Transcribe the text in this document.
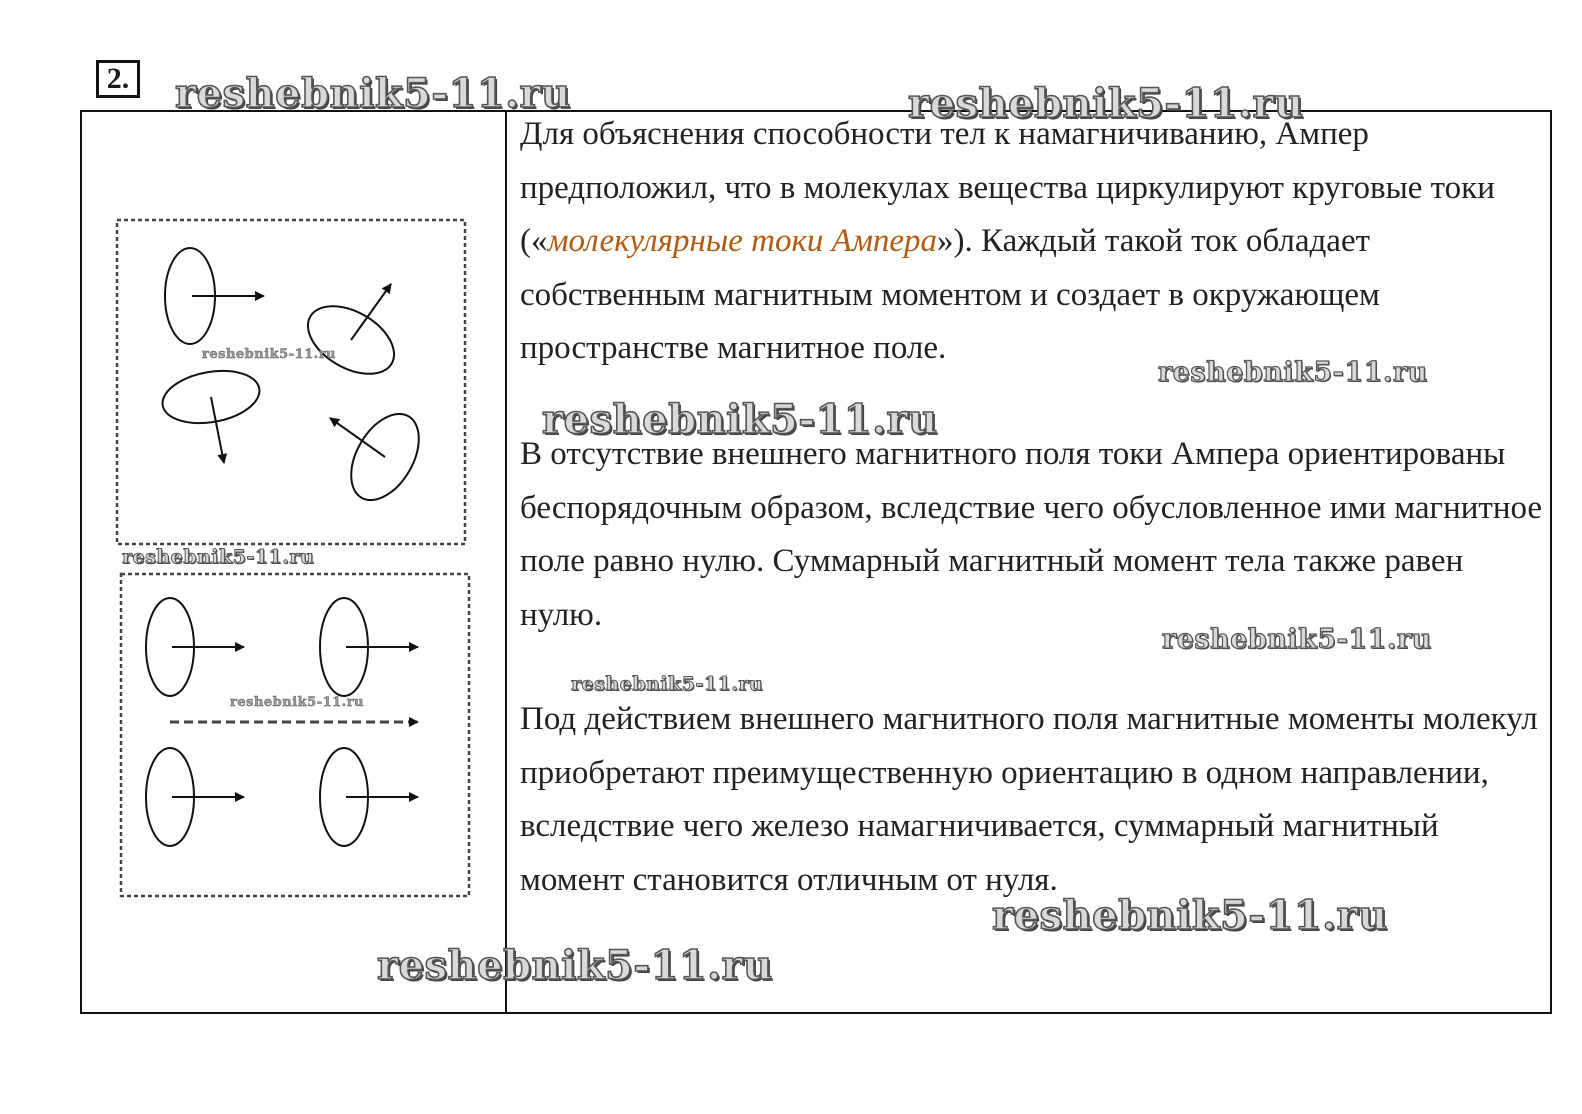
2.

Для объяснения способности тел к намагничиванию, Ампер предположил, что в молекулах вещества циркулируют круговые токи («молекулярные токи Ампера»). Каждый такой ток обладает собственным магнитным моментом и создает в окружающем пространстве магнитное поле.

В отсутствие внешнего магнитного поля токи Ампера ориентированы беспорядочным образом, вследствие чего обусловленное ими магнитное поле равно нулю. Суммарный магнитный момент тела также равен нулю.

Под действием внешнего магнитного поля магнитные моменты молекул приобретают преимущественную ориентацию в одном направлении, вследствие чего железо намагничивается, суммарный магнитный момент становится отличным от нуля.

reshebnik5-11.ru	reshebnik5-11.ru
reshebnik5-11.ru
reshebnik5-11.ru
reshebnik5-11.ru
reshebnik5-11.ru
reshebnik5-11.ru
reshebnik5-11.ru
reshebnik5-11.ru
reshebnik5-11.ru
reshebnik5-11.ru
